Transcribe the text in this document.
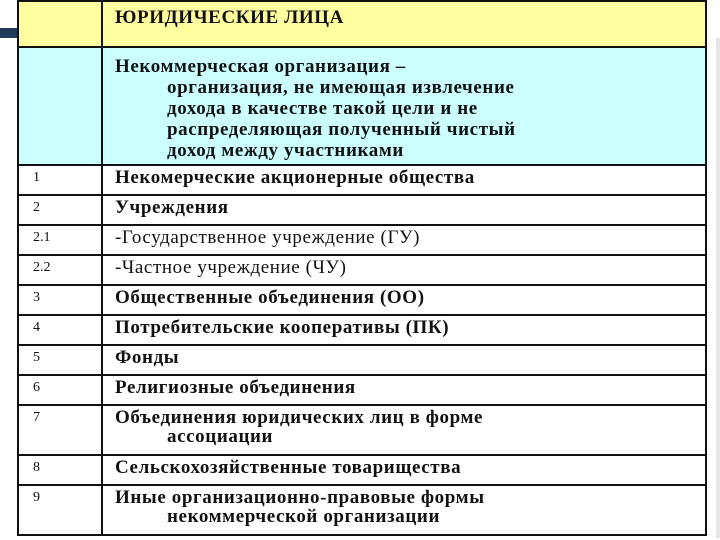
	ЮРИДИЧЕСКИЕ ЛИЦА
	Некоммерческая организация –
организация, не имеющая извлечение
дохода в качестве такой цели и не
распределяющая полученный чистый
доход между участниками

1	Некомерческие акционерные общества
2	Учреждения
2.1	-Государственное учреждение (ГУ)
2.2	-Частное учреждение (ЧУ)
3	Общественные объединения (ОО)
4	Потребительские кооперативы (ПК)
5	Фонды
6	Религиозные объединения
7	Объединения юридических лиц в форме
ассоциации

8	Сельскохозяйственные товарищества
9	Иные организационно-правовые формы
некоммерческой организации
